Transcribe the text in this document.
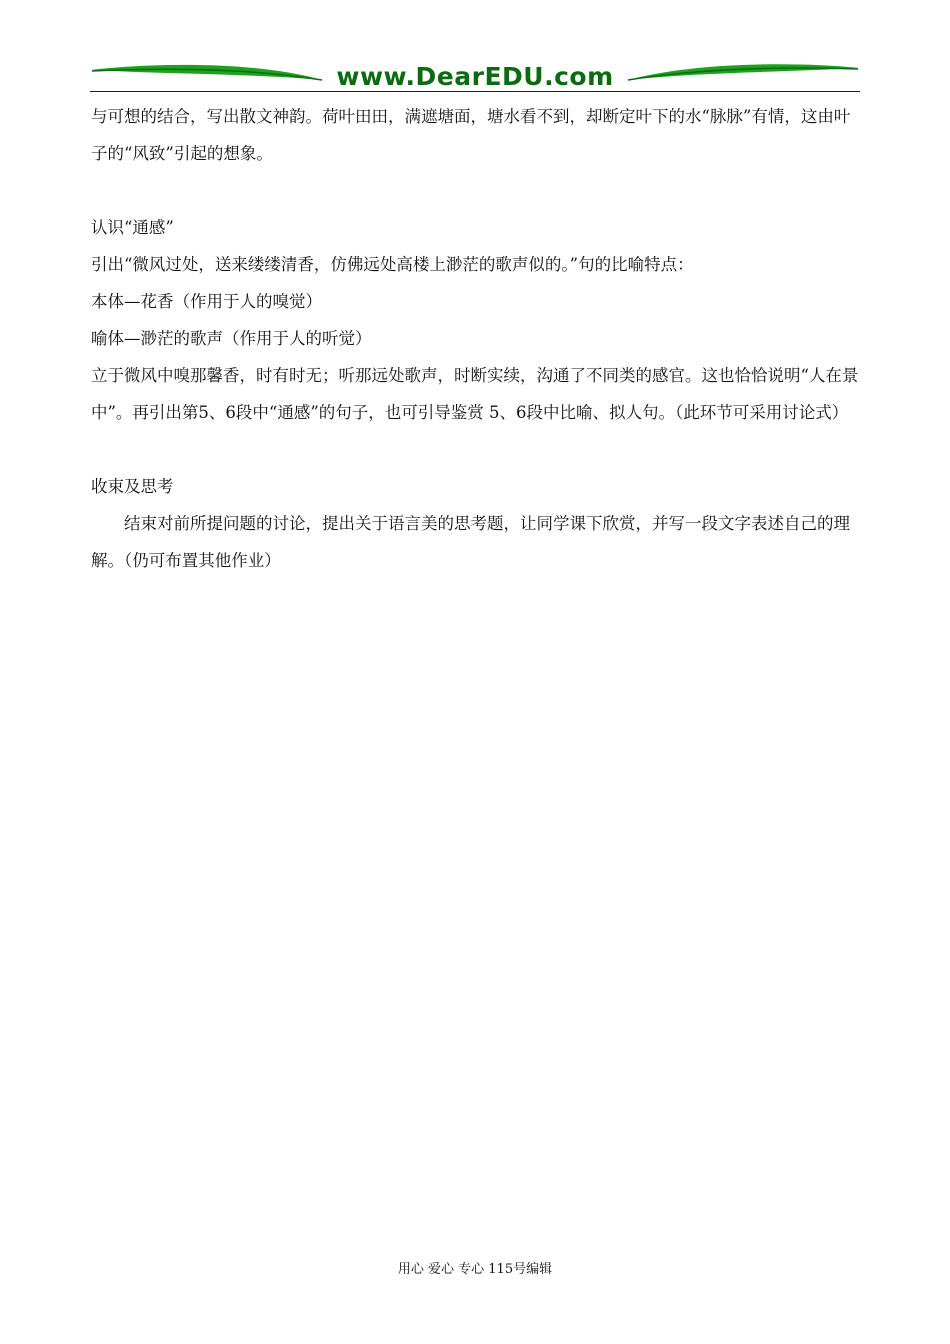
www.DearEDU.com

与可想的结合，写出散文神韵。荷叶田田，满遮塘面，塘水看不到，却断定叶下的水“脉脉”有情，这由叶子的“风致”引起的想象。

认识“通感”

引出“微风过处，送来缕缕清香，仿佛远处高楼上渺茫的歌声似的。”句的比喻特点：

本体—花香（作用于人的嗅觉）

喻体—渺茫的歌声（作用于人的听觉）

立于微风中嗅那馨香，时有时无；听那远处歌声，时断实续，沟通了不同类的感官。这也恰恰说明“人在景中”。再引出第5、6段中“通感”的句子，也可引导鉴赏 5、6段中比喻、拟人句。（此环节可采用讨论式）

收束及思考

结束对前所提问题的讨论，提出关于语言美的思考题，让同学课下欣赏，并写一段文字表述自己的理解。（仍可布置其他作业）

用心 爱心 专心 115号编辑
